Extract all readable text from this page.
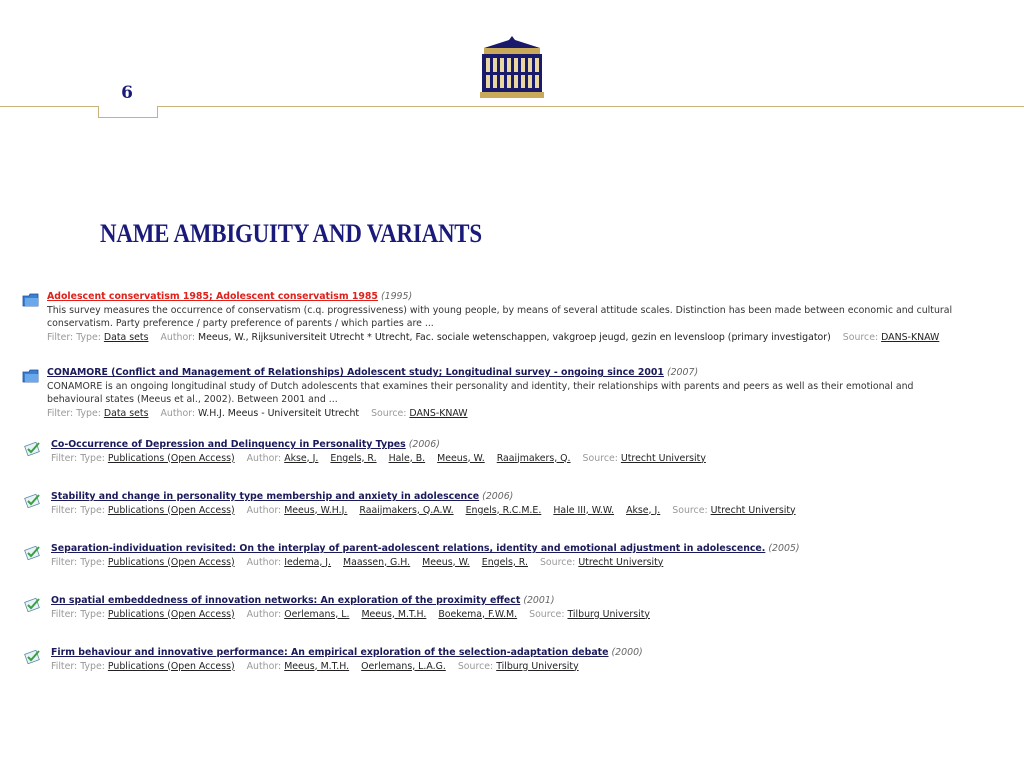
6
NAME AMBIGUITY AND VARIANTS
Adolescent conservatism 1985; Adolescent conservatism 1985 (1995)
This survey measures the occurrence of conservatism (c.q. progressiveness) with young people, by means of several attitude scales. Distinction has been made between economic and cultural conservatism. Party preference / party preference of parents / which parties are ...
Filter: Type: Data sets Author: Meeus, W., Rijksuniversiteit Utrecht * Utrecht, Fac. sociale wetenschappen, vakgroep jeugd, gezin en levensloop (primary investigator) Source: DANS-KNAW
CONAMORE (Conflict and Management of Relationships) Adolescent study; Longitudinal survey - ongoing since 2001 (2007)
CONAMORE is an ongoing longitudinal study of Dutch adolescents that examines their personality and identity, their relationships with parents and peers as well as their emotional and behavioural states (Meeus et al., 2002). Between 2001 and ...
Filter: Type: Data sets Author: W.H.J. Meeus - Universiteit Utrecht Source: DANS-KNAW
Co-Occurrence of Depression and Delinquency in Personality Types (2006)
Filter: Type: Publications (Open Access) Author: Akse, J. Engels, R. Hale, B. Meeus, W. Raaijmakers, Q. Source: Utrecht University
Stability and change in personality type membership and anxiety in adolescence (2006)
Filter: Type: Publications (Open Access) Author: Meeus, W.H.J. Raaijmakers, Q.A.W. Engels, R.C.M.E. Hale III, W.W. Akse, J. Source: Utrecht University
Separation-individuation revisited: On the interplay of parent-adolescent relations, identity and emotional adjustment in adolescence. (2005)
Filter: Type: Publications (Open Access) Author: Iedema, J. Maassen, G.H. Meeus, W. Engels, R. Source: Utrecht University
On spatial embeddedness of innovation networks: An exploration of the proximity effect (2001)
Filter: Type: Publications (Open Access) Author: Oerlemans, L. Meeus, M.T.H. Boekema, F.W.M. Source: Tilburg University
Firm behaviour and innovative performance: An empirical exploration of the selection-adaptation debate (2000)
Filter: Type: Publications (Open Access) Author: Meeus, M.T.H. Oerlemans, L.A.G. Source: Tilburg University
